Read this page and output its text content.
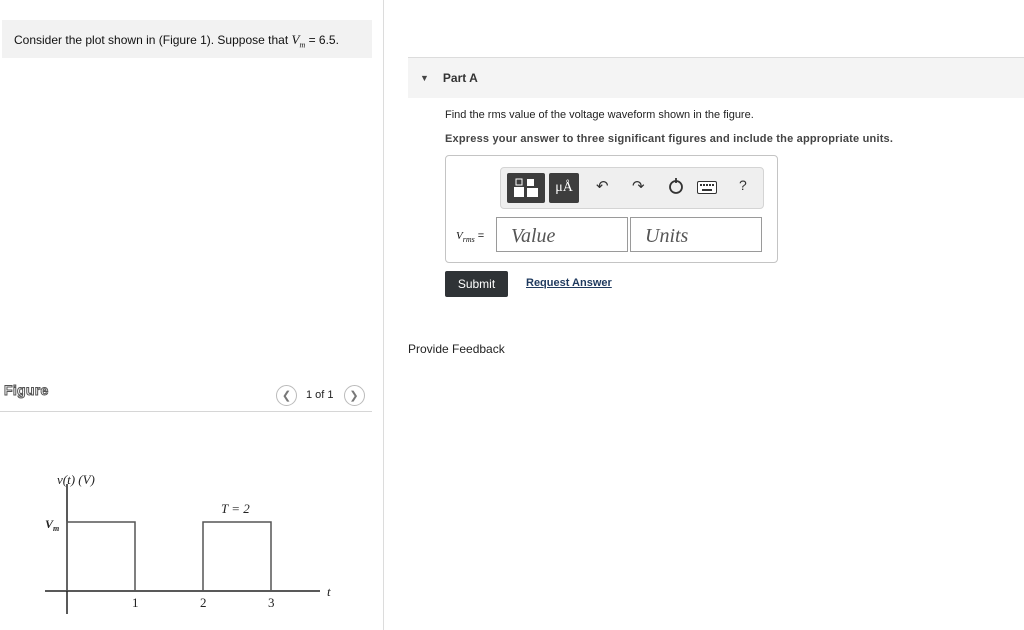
Consider the plot shown in (Figure 1). Suppose that $V_m = 6.5$.
Figure	❮ 1 of 1 ❯
v(t) (V)
$V_m$
T = 2
t
1	2	3
▼ Part A
Find the rms value of the voltage waveform shown in the figure.
Express your answer to three significant figures and include the appropriate units.
μÅ	↶ ↷	?
$V_{rms}$ =
Value
Units
Submit	Request Answer
Provide Feedback
